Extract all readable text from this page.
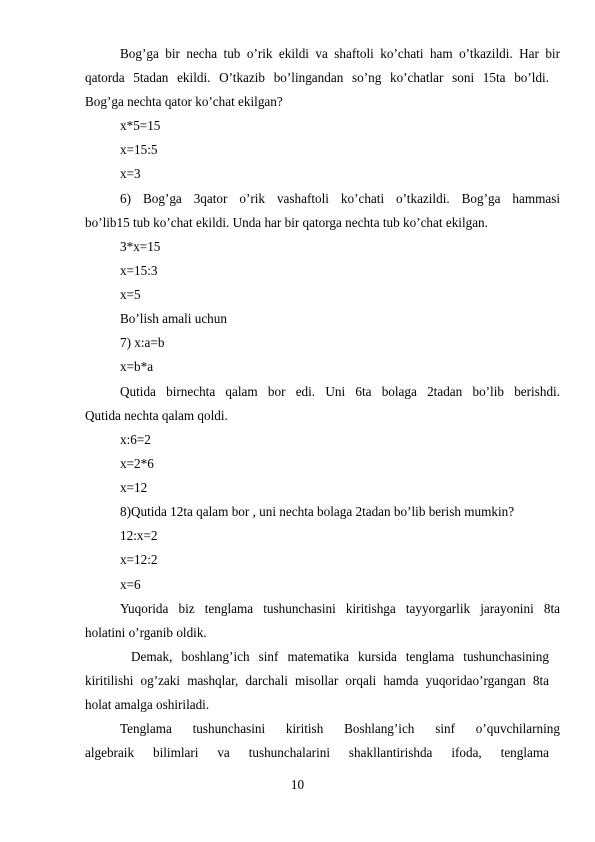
Bog’ga bir necha tub o’rik ekildi va shaftoli ko’chati ham o’tkazildi. Har bir
qatorda 5tadan ekildi. O’tkazib bo’lingandan so’ng ko’chatlar soni 15ta bo’ldi.
Bog’ga nechta qator ko’chat ekilgan?
x*5=15
x=15:5
x=3
6) Bog’ga 3qator o’rik vashaftoli ko’chati o’tkazildi. Bog’ga hammasi
bo’lib15 tub ko’chat ekildi. Unda har bir qatorga nechta tub ko’chat ekilgan.
3*x=15
x=15:3
x=5
Bo’lish amali uchun
7) x:a=b
x=b*a
Qutida birnechta qalam bor edi. Uni 6ta bolaga 2tadan bo’lib berishdi.
Qutida nechta qalam qoldi.
x:6=2
x=2*6
x=12
8)Qutida 12ta qalam bor , uni nechta bolaga 2tadan bo’lib berish mumkin?
12:x=2
x=12:2
x=6
Yuqorida biz tenglama tushunchasini kiritishga tayyorgarlik jarayonini 8ta
holatini o’rganib oldik.
Demak, boshlang’ich sinf matematika kursida tenglama tushunchasining
kiritilishi og’zaki mashqlar, darchali misollar orqali hamda yuqoridao’rgangan 8ta
holat amalga oshiriladi.
Tenglama tushunchasini kiritish Boshlang’ich sinf o’quvchilarning
algebraik bilimlari va tushunchalarini shakllantirishda ifoda, tenglama
10
